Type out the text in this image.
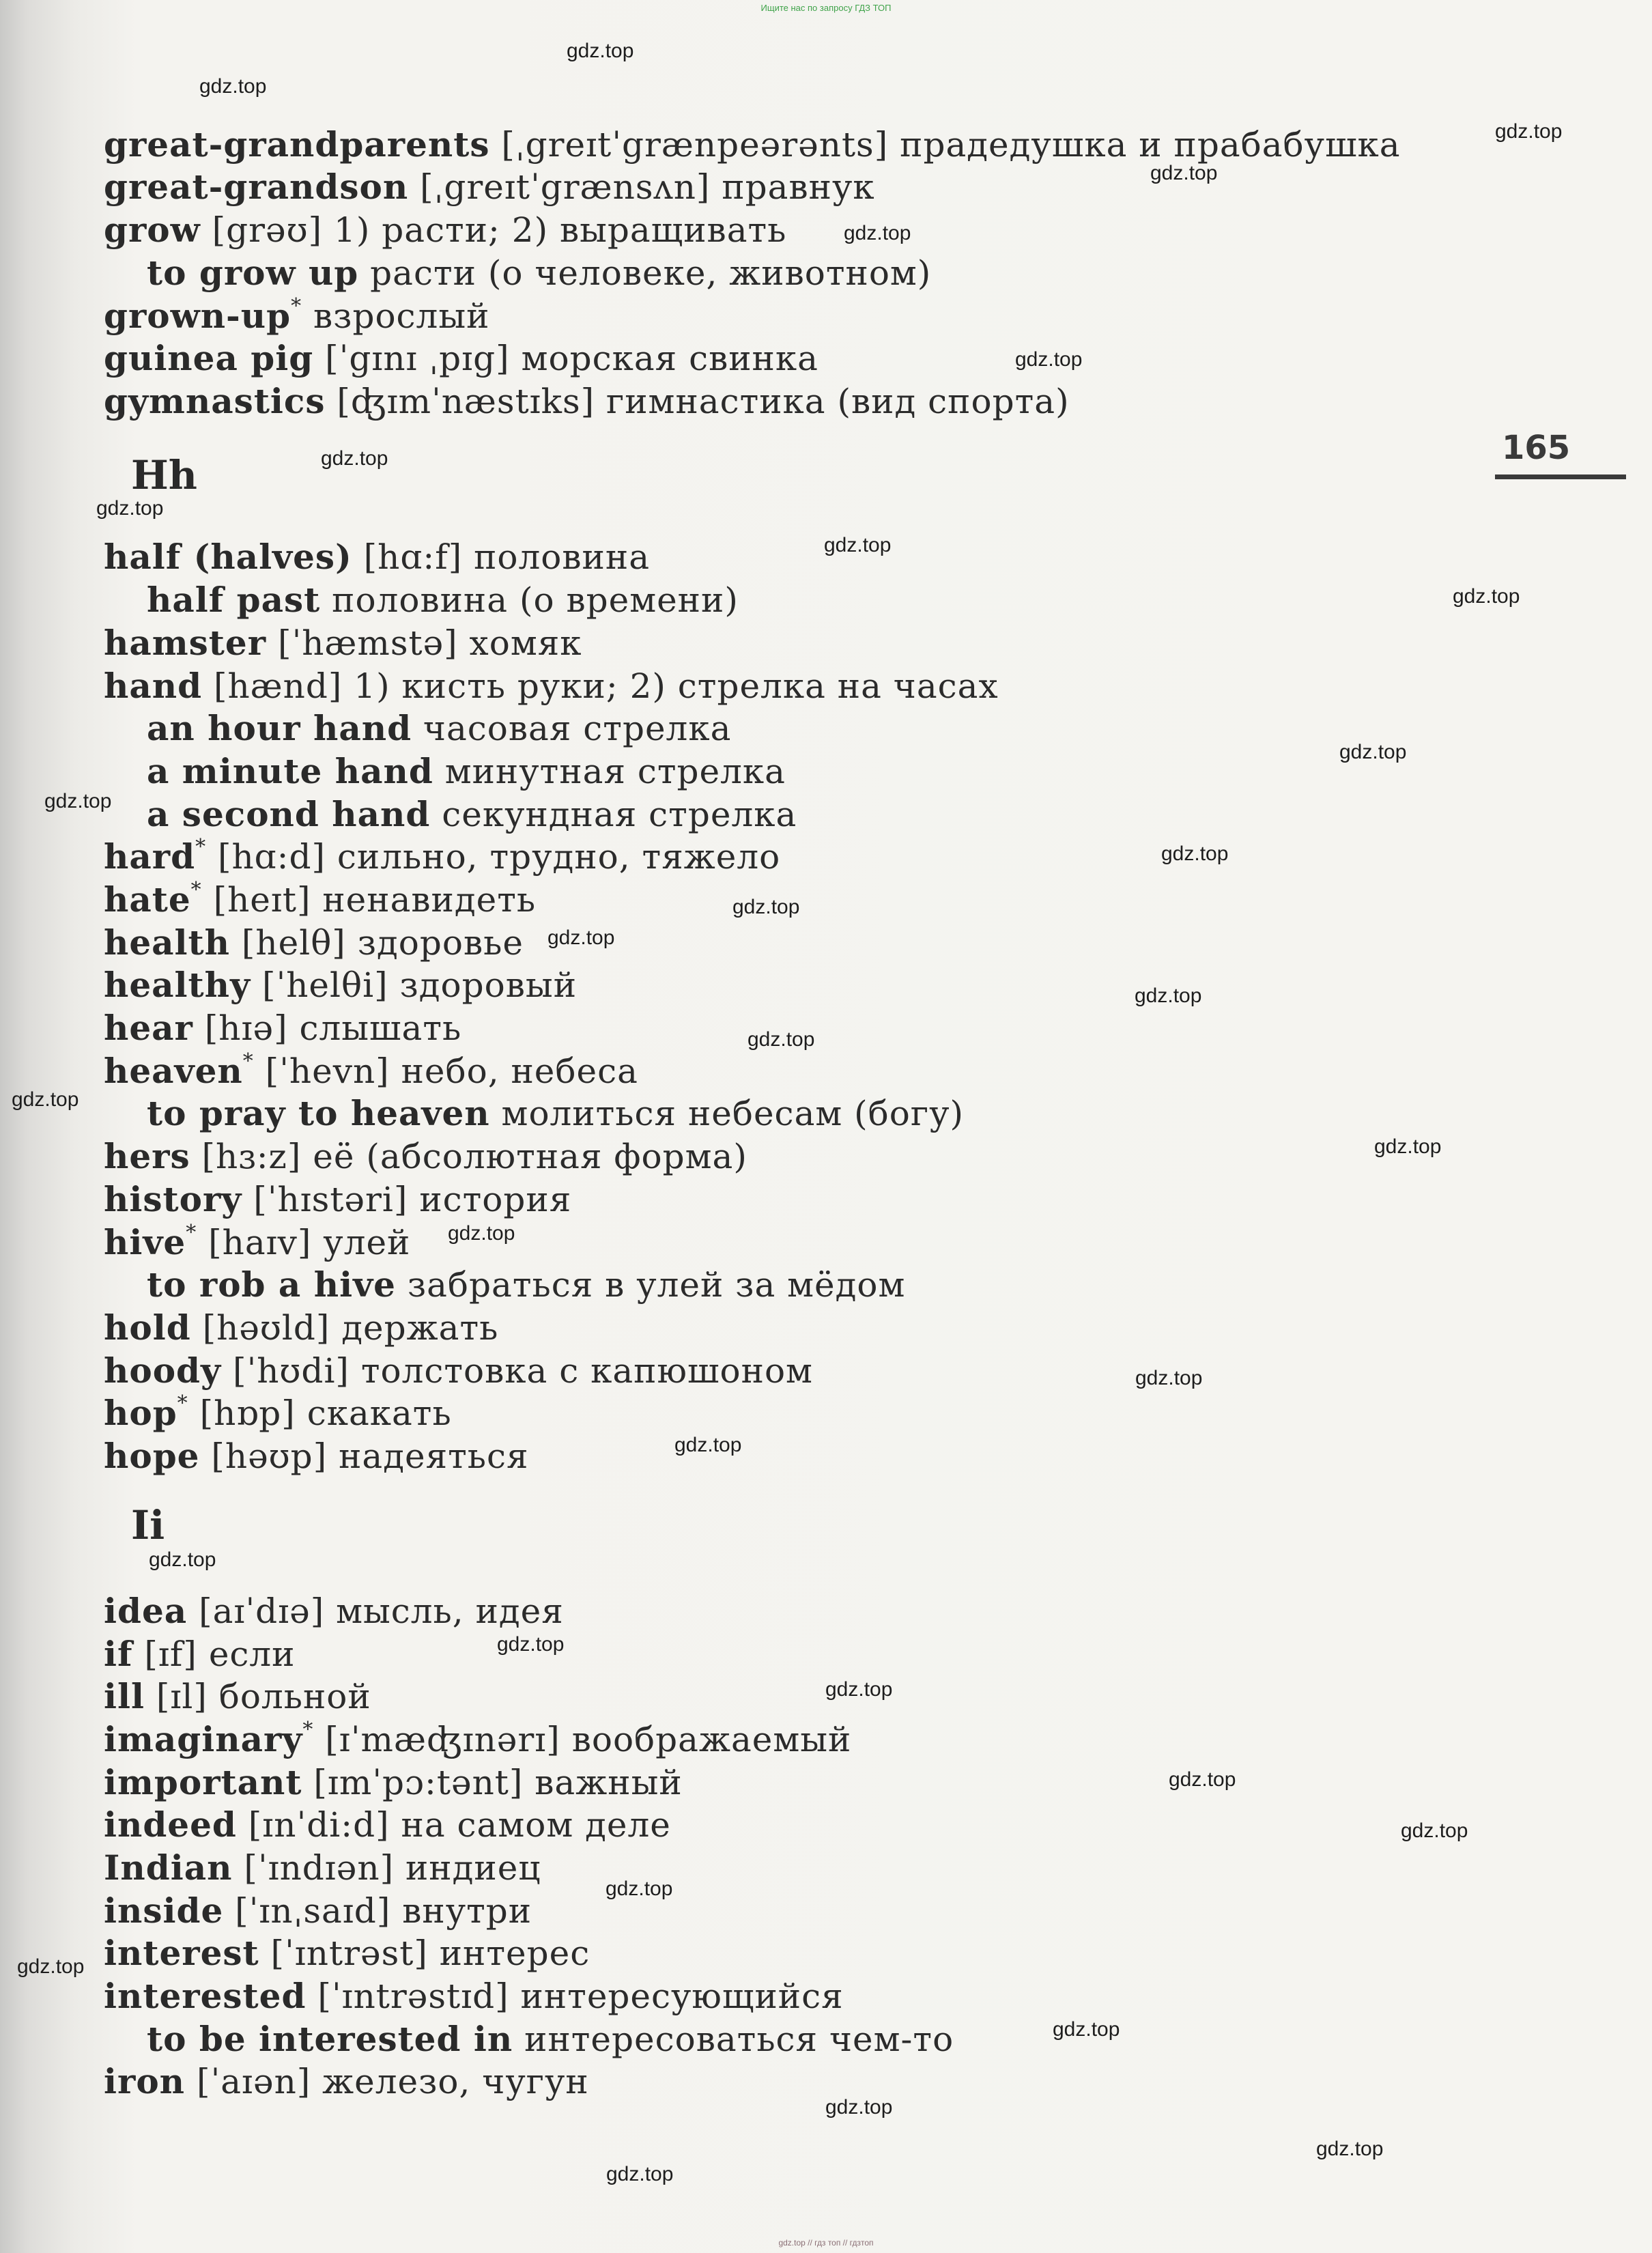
Ищите нас по запросу ГДЗ ТОП
165
Hh
Ii
great-grandparents [ˌgreɪtˈgrænpeərənts] прадедушка и прабабушка
great-grandson [ˌgreɪtˈgrænsʌn] правнук
grow [grəʊ] 1) расти; 2) выращивать
to grow up расти (о человеке, животном)
grown-up* взрослый
guinea pig [ˈgɪnɪ ˌpɪg] морская свинка
gymnastics [ʤɪmˈnæstɪks] гимнастика (вид спорта)
half (halves) [hɑ:f] половина
half past половина (о времени)
hamster [ˈhæmstə] хомяк
hand [hænd] 1) кисть руки; 2) стрелка на часах
an hour hand часовая стрелка
a minute hand минутная стрелка
a second hand секундная стрелка
hard* [hɑ:d] сильно, трудно, тяжело
hate* [heɪt] ненавидеть
health [helθ] здоровье
healthy [ˈhelθi] здоровый
hear [hɪə] слышать
heaven* [ˈhevn] небо, небеса
to pray to heaven молиться небесам (богу)
hers [hɜ:z] её (абсолютная форма)
history [ˈhɪstəri] история
hive* [haɪv] улей
to rob a hive забраться в улей за мёдом
hold [həʊld] держать
hoody [ˈhʊdi] толстовка с капюшоном
hop* [hɒp] скакать
hope [həʊp] надеяться
idea [aɪˈdɪə] мысль, идея
if [ɪf] если
ill [ɪl] больной
imaginary* [ɪˈmæʤɪnərɪ] воображаемый
important [ɪmˈpɔ:tənt] важный
indeed [ɪnˈdi:d] на самом деле
Indian [ˈɪndɪən] индиец
inside [ˈɪnˌsaɪd] внутри
interest [ˈɪntrəst] интерес
interested [ˈɪntrəstɪd] интересующийся
to be interested in интересоваться чем-то
iron [ˈaɪən] железо, чугун
gdz.top
gdz.top
gdz.top
gdz.top
gdz.top
gdz.top
gdz.top
gdz.top
gdz.top
gdz.top
gdz.top
gdz.top
gdz.top
gdz.top
gdz.top
gdz.top
gdz.top
gdz.top
gdz.top
gdz.top
gdz.top
gdz.top
gdz.top
gdz.top
gdz.top
gdz.top
gdz.top
gdz.top
gdz.top
gdz.top
gdz.top
gdz.top
gdz.top
gdz.top // гдз топ // гдзтоп
